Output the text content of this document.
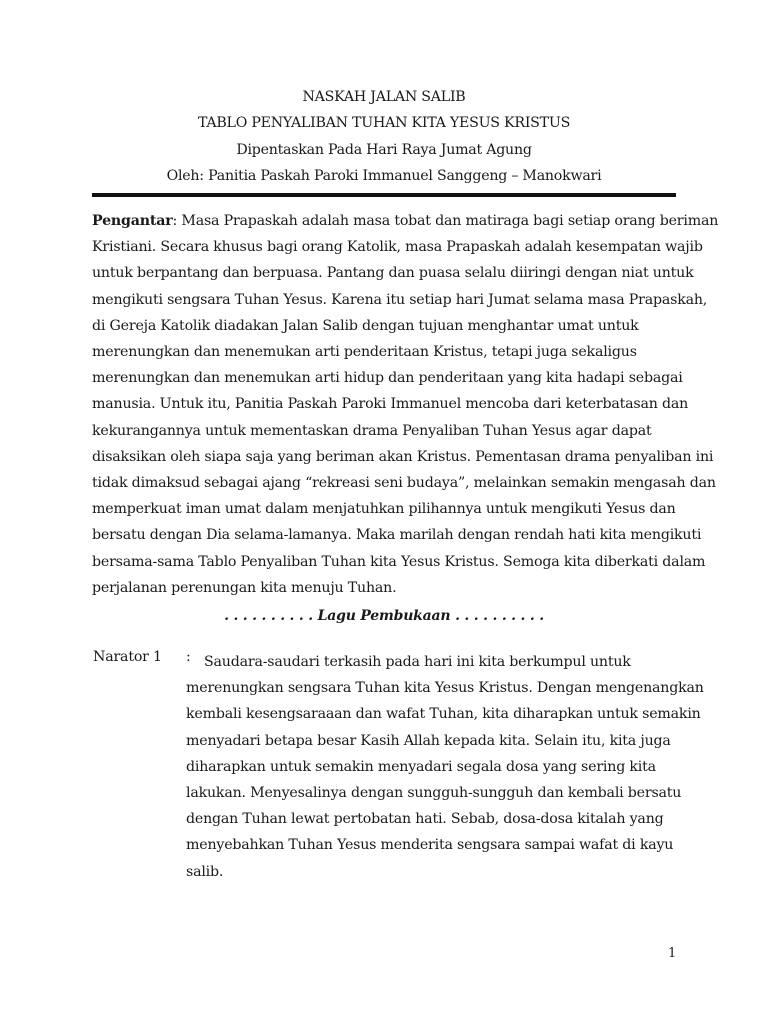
NASKAH JALAN SALIB
TABLO PENYALIBAN TUHAN KITA YESUS KRISTUS
Dipentaskan Pada Hari Raya Jumat Agung
Oleh: Panitia Paskah Paroki Immanuel Sanggeng – Manokwari

Pengantar: Masa Prapaskah adalah masa tobat dan matiraga bagi setiap orang beriman

Kristiani. Secara khusus bagi orang Katolik, masa Prapaskah adalah kesempatan wajib

untuk berpantang dan berpuasa. Pantang dan puasa selalu diiringi dengan niat untuk

mengikuti sengsara Tuhan Yesus. Karena itu setiap hari Jumat selama masa Prapaskah,

di Gereja Katolik diadakan Jalan Salib dengan tujuan menghantar umat untuk

merenungkan dan menemukan arti penderitaan Kristus, tetapi juga sekaligus

merenungkan dan menemukan arti hidup dan penderitaan yang kita hadapi sebagai

manusia. Untuk itu, Panitia Paskah Paroki Immanuel mencoba dari keterbatasan dan

kekurangannya untuk mementaskan drama Penyaliban Tuhan Yesus agar dapat

disaksikan oleh siapa saja yang beriman akan Kristus. Pementasan drama penyaliban ini

tidak dimaksud sebagai ajang “rekreasi seni budaya”, melainkan semakin mengasah dan

memperkuat iman umat dalam menjatuhkan pilihannya untuk mengikuti Yesus dan

bersatu dengan Dia selama-lamanya. Maka marilah dengan rendah hati kita mengikuti

bersama-sama Tablo Penyaliban Tuhan kita Yesus Kristus. Semoga kita diberkati dalam

perjalanan perenungan kita menuju Tuhan.

. . . . . . . . . . Lagu Pembukaan . . . . . . . . . .
Narator 1 : Saudara-saudari terkasih pada hari ini kita berkumpul untuk

merenungkan sengsara Tuhan kita Yesus Kristus. Dengan mengenangkan

kembali kesengsaraaan dan wafat Tuhan, kita diharapkan untuk semakin

menyadari betapa besar Kasih Allah kepada kita. Selain itu, kita juga

diharapkan untuk semakin menyadari segala dosa yang sering kita

lakukan. Menyesalinya dengan sungguh-sungguh dan kembali bersatu

dengan Tuhan lewat pertobatan hati. Sebab, dosa-dosa kitalah yang

menyebahkan Tuhan Yesus menderita sengsara sampai wafat di kayu

salib.

1
